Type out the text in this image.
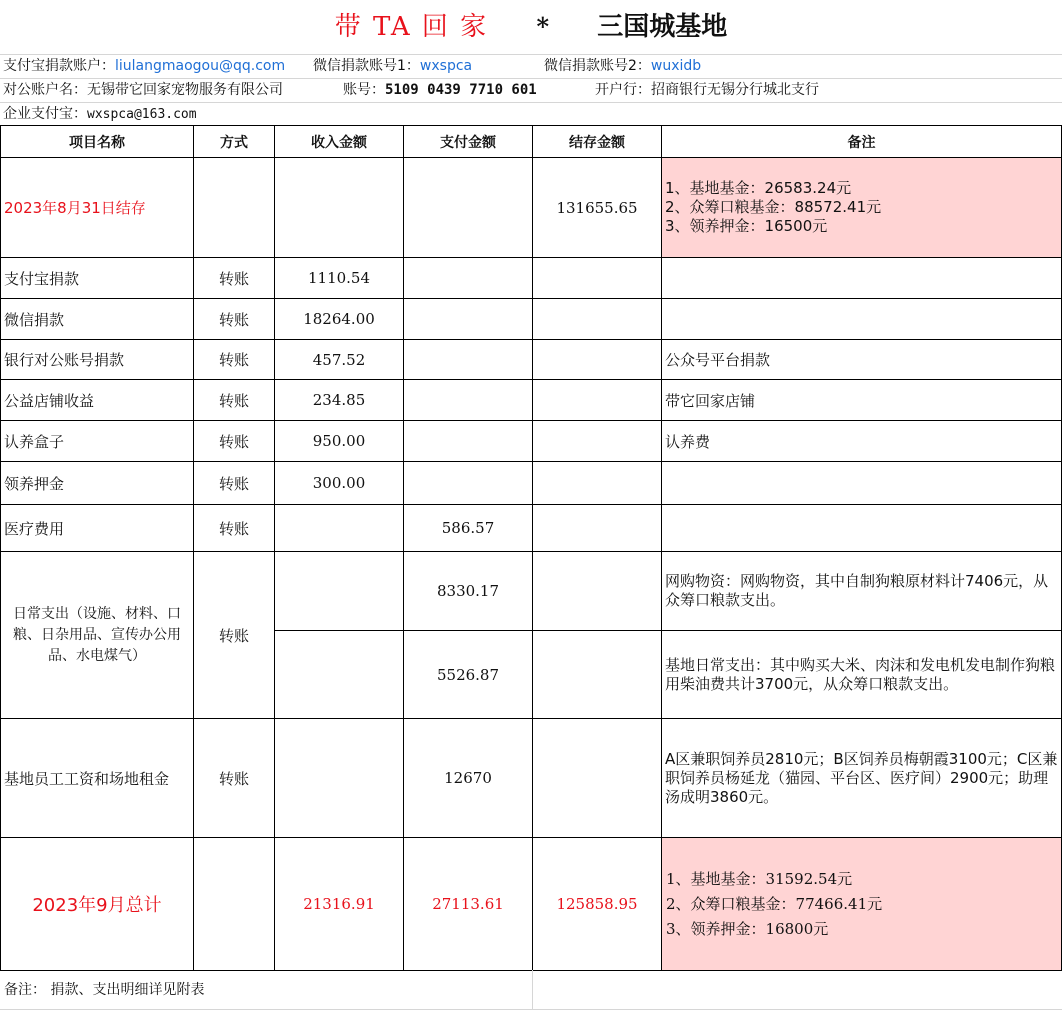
带 TA 回 家 * 三国城基地
支付宝捐款账户：liulangmaogou@qq.com 微信捐款账号1：wxspca	微信捐款账号2：wuxidb
对公账户名：无锡带它回家宠物服务有限公司	账号：5109 0439 7710 601	开户行：招商银行无锡分行城北支行
企业支付宝：wxspca@163.com
项目名称	方式	收入金额	支付金额	结存金额	备注
2023年8月31日结存				131655.65	1、基地基金：26583.24元
2、众筹口粮基金：88572.41元
3、领养押金：16500元

支付宝捐款	转账	1110.54			
微信捐款	转账	18264.00			
银行对公账号捐款	转账	457.52			公众号平台捐款
公益店铺收益	转账	234.85			带它回家店铺
认养盒子	转账	950.00			认养费
领养押金	转账	300.00			
医疗费用	转账		586.57		
日常支出（设施、材料、口粮、日杂用品、宣传办公用品、水电煤气）	转账		8330.17		网购物资：网购物资，其中自制狗粮原材料计7406元，从众筹口粮款支出。
			5526.87		基地日常支出：其中购买大米、肉沫和发电机发电制作狗粮用柴油费共计3700元，从众筹口粮款支出。
基地员工工资和场地租金	转账		12670		A区兼职饲养员2810元；B区饲养员梅朝霞3100元；C区兼职饲养员杨延龙（猫园、平台区、医疗间）2900元；助理汤成明3860元。
2023年9月总计		21316.91	27113.61	125858.95	1、基地基金：31592.54元
2、众筹口粮基金：77466.41元
3、领养押金：16800元
备注： 捐款、支出明细详见附表
